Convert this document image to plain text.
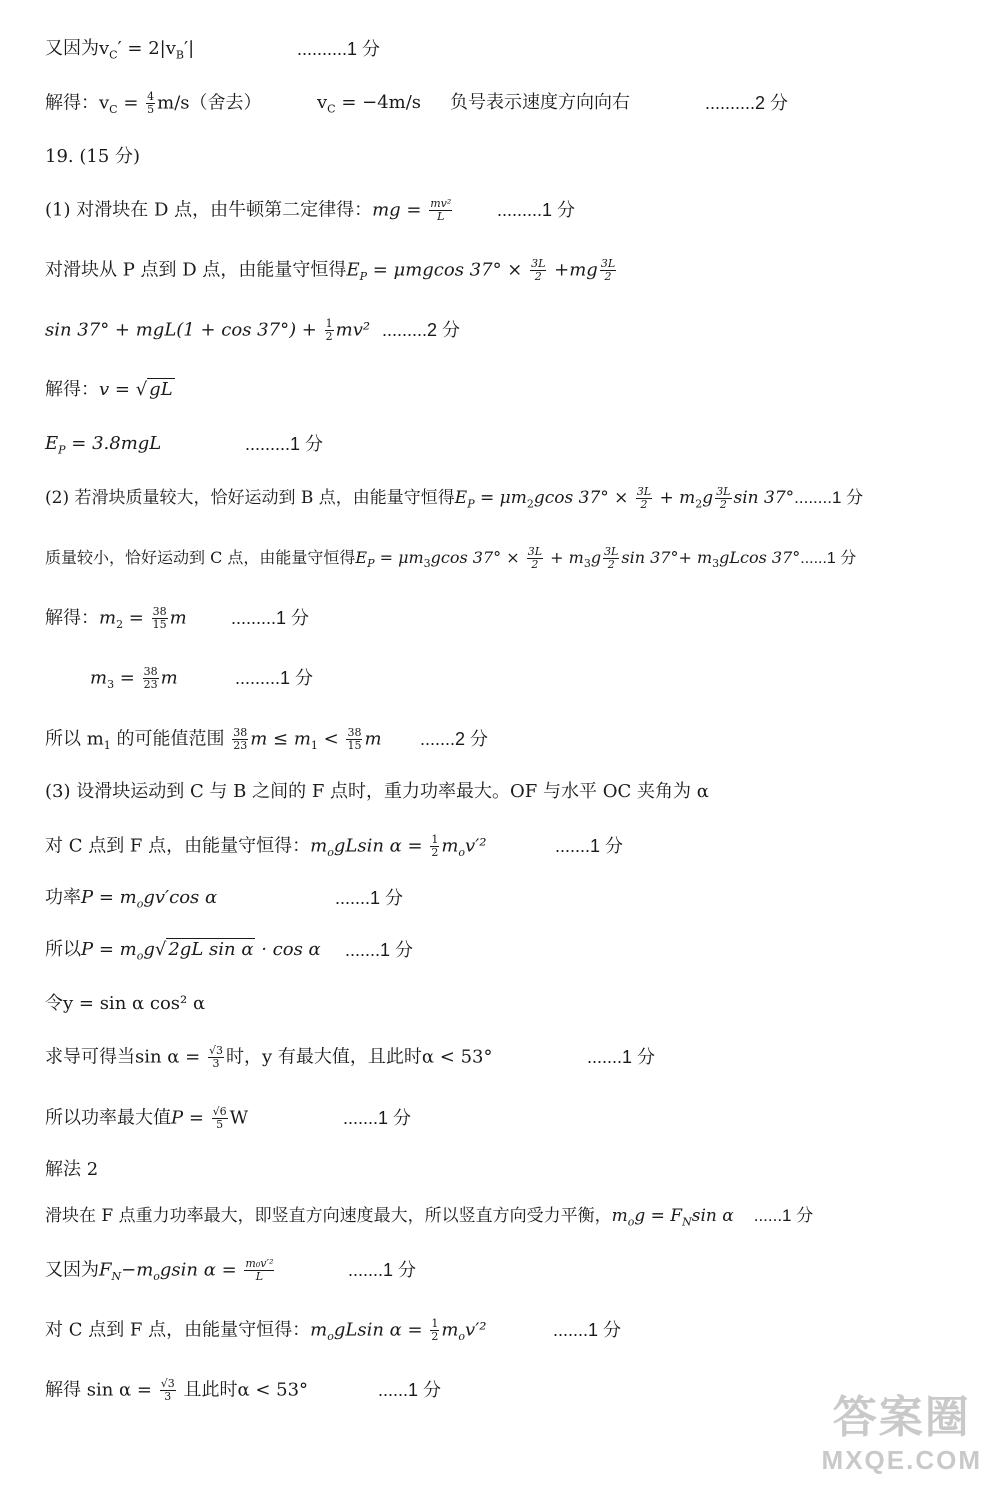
又因为$v_C' = 2|v_B'|$	..........1 分
解得：$v_C = \frac{4}{5} m/s$（舍去）	$v_C = -4m/s$ 负号表示速度方向向右	..........2 分
19. (15 分)
(1) 对滑块在 D 点，由牛顿第二定律得：mg = $\frac{\text{mv²}}{L} .........1$ 分
对滑块从 P 点到 D 点，由能量守恒得$E_P = \mu mgcos$ $37^\circ \times \frac{3L}{2} +mg \frac{3L}{2}$
$\sin 37^\circ + mgL(1 + \cos 37^\circ) + \frac{1}{2} mv^2$ .........2 分
解得：v = √ gL
$E_P = 3.8mgL$	.........1 分
(2) 若滑块质量较大，恰好运动到 B 点，由能量守恒得$E_P = \mu m_2gcos$ $37^\circ \times \frac{3L}{2} + m_2g \frac{3L}{2}$ sin 37°........1 分
质量较小，恰好运动到 C 点，由能量守恒得$E_P = \mu m_3gcos$ $37^\circ \times \frac{3L}{2} + m_3g \frac{3L}{2}$ $\sin 37^\circ+ m_3gLcos$ 37°......1 分
解得：$m_2 = \frac{38}{15}$ m .........1 分
$m_3 = \frac{38}{23}$ m	.........1 分
所以 $m_1$ 的可能值范围 $\frac{38}{23}$ $m \le m_1 < \frac{38}{15}$ m .......2 分
(3) 设滑块运动到 C 与 B 之间的 F 点时，重力功率最大。OF 与水平 OC 夹角为 α
对 C 点到 F 点，由能量守恒得：$m_ogLsin$ $\alpha = \frac{1}{2} m_ov'^2$	.......1 分
功率$P = m_ogv'\cos$ α	.......1 分
所以$P = m_og√$ 2gL sin α · cos α .......1 分
令y = sin α cos² α
求导可得当$\sin \alpha = \frac{√3}{3}$ 时，y 有最大值，且此时α < 53°	.......1 分
所以功率最大值$P = \frac{√6}{5}$ W	.......1 分
解法 2
滑块在 F 点重力功率最大，即竖直方向速度最大，所以竖直方向受力平衡，$m_og = F_N\sin$ α ......1 分
又因为$F_N-m_ogsin$ $\alpha = \frac{\text{m₀v′²}}{L}$	.......1 分
对 C 点到 F 点，由能量守恒得：$m_ogLsin$ $\alpha = \frac{1}{2} m_ov'^2$	.......1 分
解得 $\sin \alpha = \frac{√3}{3}$ 且此时α < 53°	......1 分
答案圈
MXQE.COM
